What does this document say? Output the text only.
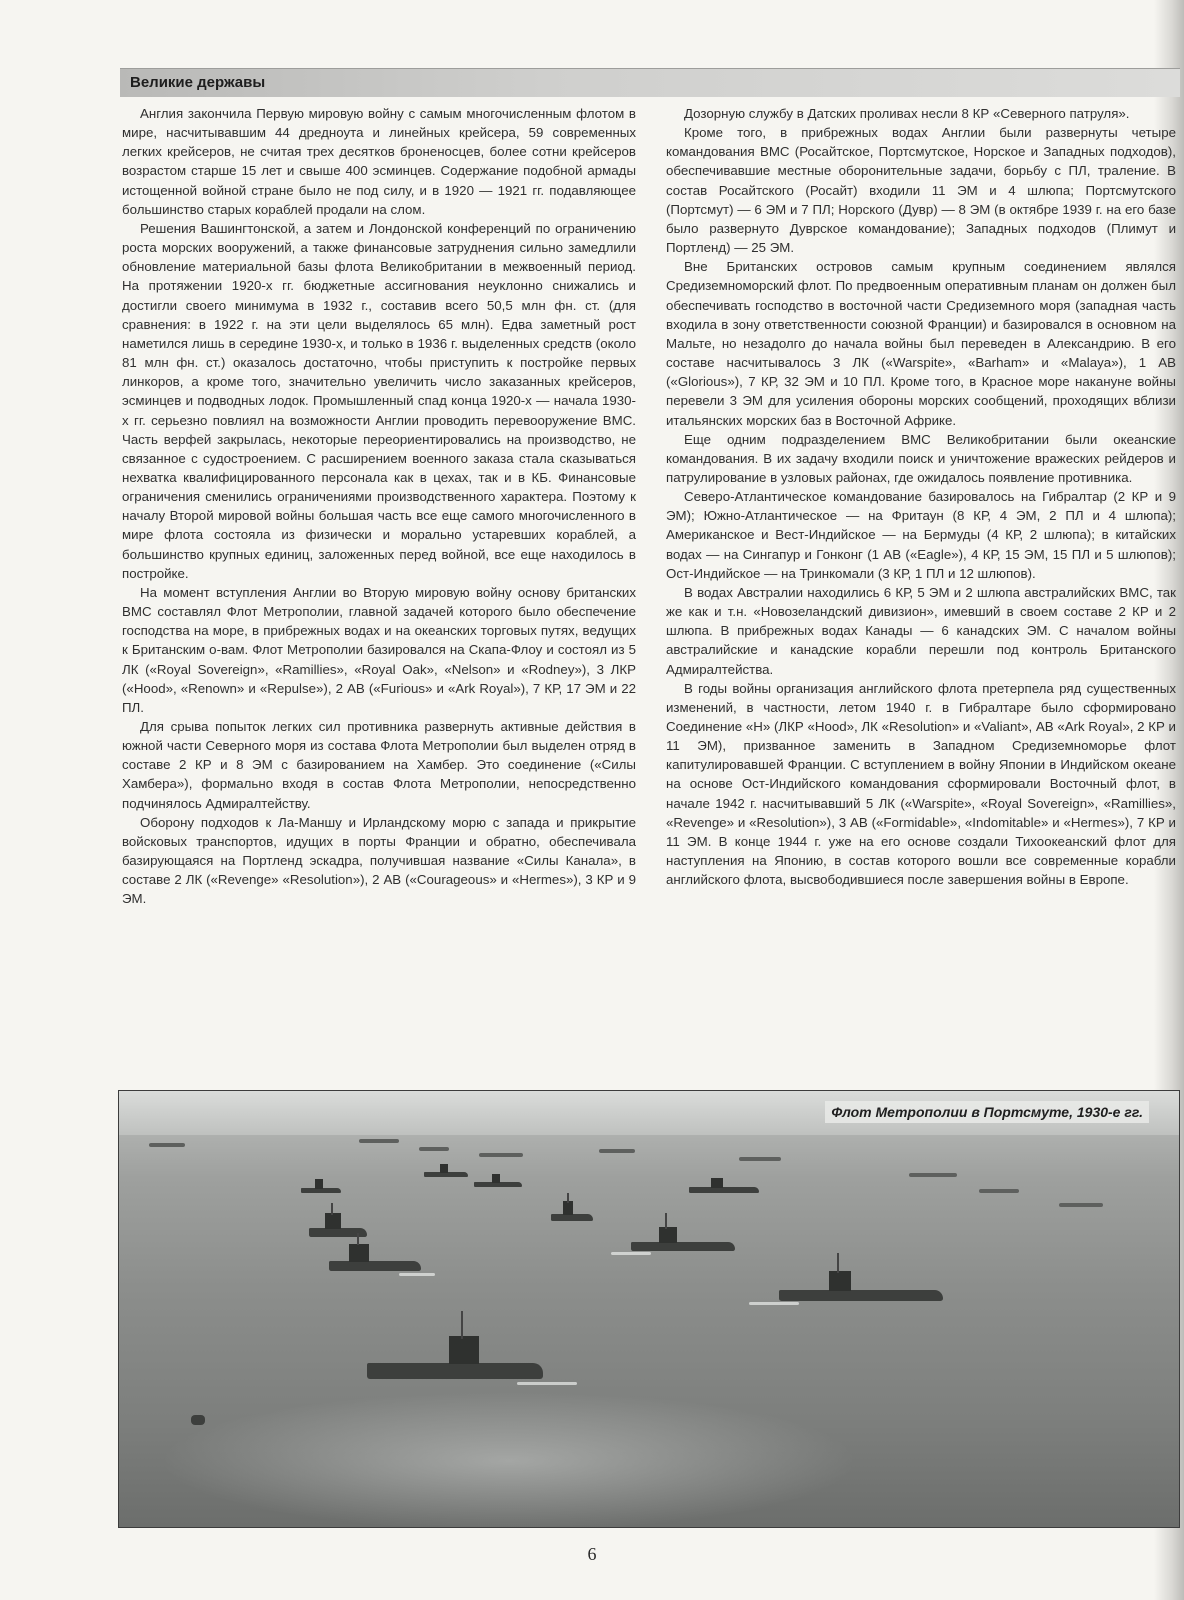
Великие державы

Англия закончила Первую мировую войну с самым многочисленным флотом в мире, насчитывавшим 44 дредноута и линейных крейсера, 59 современных легких крейсеров, не считая трех десятков броненосцев, более сотни крейсеров возрастом старше 15 лет и свыше 400 эсминцев. Содержание подобной армады истощенной войной стране было не под силу, и в 1920 — 1921 гг. подавляющее большинство старых кораблей продали на слом.

Решения Вашингтонской, а затем и Лондонской конференций по ограничению роста морских вооружений, а также финансовые затруднения сильно замедлили обновление материальной базы флота Великобритании в межвоенный период. На протяжении 1920-х гг. бюджетные ассигнования неуклонно снижались и достигли своего минимума в 1932 г., составив всего 50,5 млн фн. ст. (для сравнения: в 1922 г. на эти цели выделялось 65 млн). Едва заметный рост наметился лишь в середине 1930-х, и только в 1936 г. выделенных средств (около 81 млн фн. ст.) оказалось достаточно, чтобы приступить к постройке первых линкоров, а кроме того, значительно увеличить число заказанных крейсеров, эсминцев и подводных лодок. Промышленный спад конца 1920-х — начала 1930-х гг. серьезно повлиял на возможности Англии проводить перевооружение ВМС. Часть верфей закрылась, некоторые переориентировались на производство, не связанное с судостроением. С расширением военного заказа стала сказываться нехватка квалифицированного персонала как в цехах, так и в КБ. Финансовые ограничения сменились ограничениями производственного характера. Поэтому к началу Второй мировой войны большая часть все еще самого многочисленного в мире флота состояла из физически и морально устаревших кораблей, а большинство крупных единиц, заложенных перед войной, все еще находилось в постройке.

На момент вступления Англии во Вторую мировую войну основу британских ВМС составлял Флот Метрополии, главной задачей которого было обеспечение господства на море, в прибрежных водах и на океанских торговых путях, ведущих к Британским о-вам. Флот Метрополии базировался на Скапа-Флоу и состоял из 5 ЛК («Royal Sovereign», «Ramillies», «Royal Oak», «Nelson» и «Rodney»), 3 ЛКР («Hood», «Renown» и «Repulse»), 2 АВ («Furious» и «Ark Royal»), 7 КР, 17 ЭМ и 22 ПЛ.

Для срыва попыток легких сил противника развернуть активные действия в южной части Северного моря из состава Флота Метрополии был выделен отряд в составе 2 КР и 8 ЭМ с базированием на Хамбер. Это соединение («Силы Хамбера»), формально входя в состав Флота Метрополии, непосредственно подчинялось Адмиралтейству.

Оборону подходов к Ла-Маншу и Ирландскому морю с запада и прикрытие войсковых транспортов, идущих в порты Франции и обратно, обеспечивала базирующаяся на Портленд эскадра, получившая название «Силы Канала», в составе 2 ЛК («Revenge» «Resolution»), 2 АВ («Courageous» и «Hermes»), 3 КР и 9 ЭМ.

Дозорную службу в Датских проливах несли 8 КР «Северного патруля».

Кроме того, в прибрежных водах Англии были развернуты четыре командования ВМС (Росайтское, Портсмутское, Норское и Западных подходов), обеспечивавшие местные оборонительные задачи, борьбу с ПЛ, траление. В состав Росайтского (Росайт) входили 11 ЭМ и 4 шлюпа; Портсмутского (Портсмут) — 6 ЭМ и 7 ПЛ; Норского (Дувр) — 8 ЭМ (в октябре 1939 г. на его базе было развернуто Дуврское командование); Западных подходов (Плимут и Портленд) — 25 ЭМ.

Вне Британских островов самым крупным соединением являлся Средиземноморский флот. По предвоенным оперативным планам он должен был обеспечивать господство в восточной части Средиземного моря (западная часть входила в зону ответственности союзной Франции) и базировался в основном на Мальте, но незадолго до начала войны был переведен в Александрию. В его составе насчитывалось 3 ЛК («Warspite», «Barham» и «Malaya»), 1 АВ («Glorious»), 7 КР, 32 ЭМ и 10 ПЛ. Кроме того, в Красное море накануне войны перевели 3 ЭМ для усиления обороны морских сообщений, проходящих вблизи итальянских морских баз в Восточной Африке.

Еще одним подразделением ВМС Великобритании были океанские командования. В их задачу входили поиск и уничтожение вражеских рейдеров и патрулирование в узловых районах, где ожидалось появление противника.

Северо-Атлантическое командование базировалось на Гибралтар (2 КР и 9 ЭМ); Южно-Атлантическое — на Фритаун (8 КР, 4 ЭМ, 2 ПЛ и 4 шлюпа); Американское и Вест-Индийское — на Бермуды (4 КР, 2 шлюпа); в китайских водах — на Сингапур и Гонконг (1 АВ («Eagle»), 4 КР, 15 ЭМ, 15 ПЛ и 5 шлюпов); Ост-Индийское — на Тринкомали (3 КР, 1 ПЛ и 12 шлюпов).

В водах Австралии находились 6 КР, 5 ЭМ и 2 шлюпа австралийских ВМС, так же как и т.н. «Новозеландский дивизион», имевший в своем составе 2 КР и 2 шлюпа. В прибрежных водах Канады — 6 канадских ЭМ. С началом войны австралийские и канадские корабли перешли под контроль Британского Адмиралтейства.

В годы войны организация английского флота претерпела ряд существенных изменений, в частности, летом 1940 г. в Гибралтаре было сформировано Соединение «Н» (ЛКР «Hood», ЛК «Resolution» и «Valiant», АВ «Ark Royal», 2 КР и 11 ЭМ), призванное заменить в Западном Средиземноморье флот капитулировавшей Франции. С вступлением в войну Японии в Индийском океане на основе Ост-Индийского командования сформировали Восточный флот, в начале 1942 г. насчитывавший 5 ЛК («Warspite», «Royal Sovereign», «Ramillies», «Revenge» и «Resolution»), 3 АВ («Formidable», «Indomitable» и «Hermes»), 7 КР и 11 ЭМ. В конце 1944 г. уже на его основе создали Тихоокеанский флот для наступления на Японию, в состав которого вошли все современные корабли английского флота, высвободившиеся после завершения войны в Европе.

Флот Метрополии в Портсмуте, 1930-е гг.
6
